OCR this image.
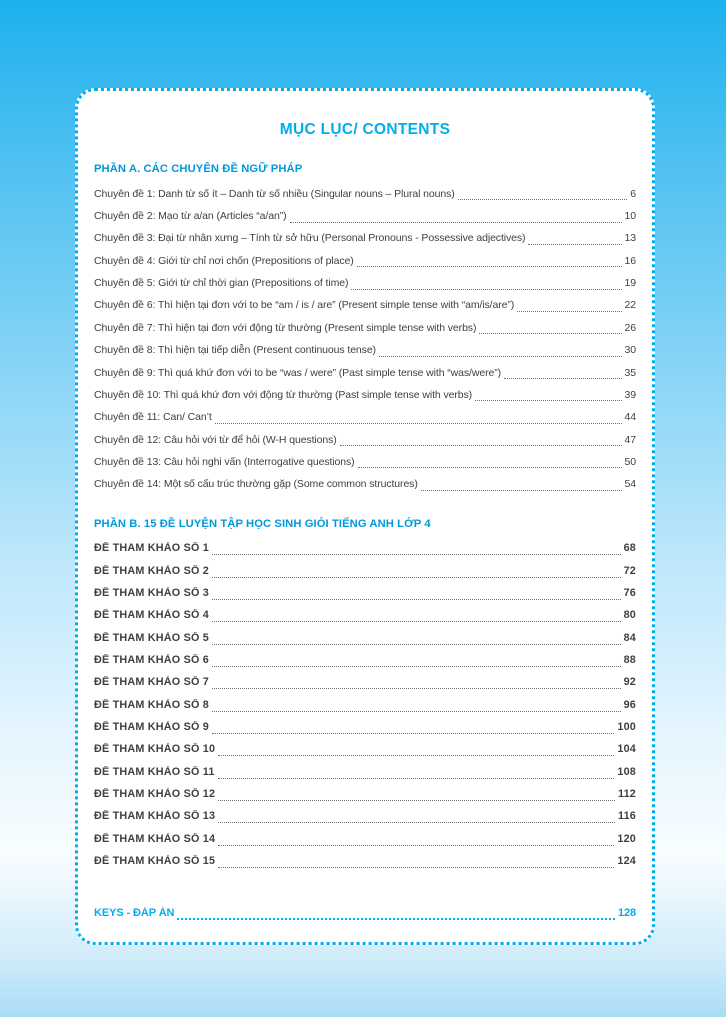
MỤC LỤC/ CONTENTS
PHẦN A. CÁC CHUYÊN ĐỀ NGỮ PHÁP
Chuyên đề 1: Danh từ số ít – Danh từ số nhiều (Singular nouns – Plural nouns)	6
Chuyên đề 2: Mạo từ a/an (Articles “a/an”)	10
Chuyên đề 3: Đại từ nhân xưng – Tính từ sở hữu (Personal Pronouns - Possessive adjectives)	13
Chuyên đề 4: Giới từ chỉ nơi chốn (Prepositions of place)	16
Chuyên đề 5: Giới từ chỉ thời gian (Prepositions of time)	19
Chuyên đề 6: Thì hiện tại đơn với to be “am / is / are” (Present simple tense with “am/is/are”)	22
Chuyên đề 7: Thì hiện tại đơn với động từ thường (Present simple tense with verbs)	26
Chuyên đề 8: Thì hiện tại tiếp diễn (Present continuous tense)	30
Chuyên đề 9: Thì quá khứ đơn với to be “was / were” (Past simple tense with “was/were”)	35
Chuyên đề 10: Thì quá khứ đơn với động từ thường (Past simple tense with verbs)	39
Chuyên đề 11: Can/ Can’t	44
Chuyên đề 12: Câu hỏi với từ để hỏi (W-H questions)	47
Chuyên đề 13: Câu hỏi nghi vấn (Interrogative questions)	50
Chuyên đề 14: Một số cấu trúc thường gặp (Some common structures)	54
PHẦN B. 15 ĐỀ LUYỆN TẬP HỌC SINH GIỎI TIẾNG ANH LỚP 4
ĐỀ THAM KHẢO SỐ 1	68
ĐỀ THAM KHẢO SỐ 2	72
ĐỀ THAM KHẢO SỐ 3	76
ĐỀ THAM KHẢO SỐ 4	80
ĐỀ THAM KHẢO SỐ 5	84
ĐỀ THAM KHẢO SỐ 6	88
ĐỀ THAM KHẢO SỐ 7	92
ĐỀ THAM KHẢO SỐ 8	96
ĐỀ THAM KHẢO SỐ 9	100
ĐỀ THAM KHẢO SỐ 10	104
ĐỀ THAM KHẢO SỐ 11	108
ĐỀ THAM KHẢO SỐ 12	112
ĐỀ THAM KHẢO SỐ 13	116
ĐỀ THAM KHẢO SỐ 14	120
ĐỀ THAM KHẢO SỐ 15	124
KEYS - ĐÁP ÁN	128
